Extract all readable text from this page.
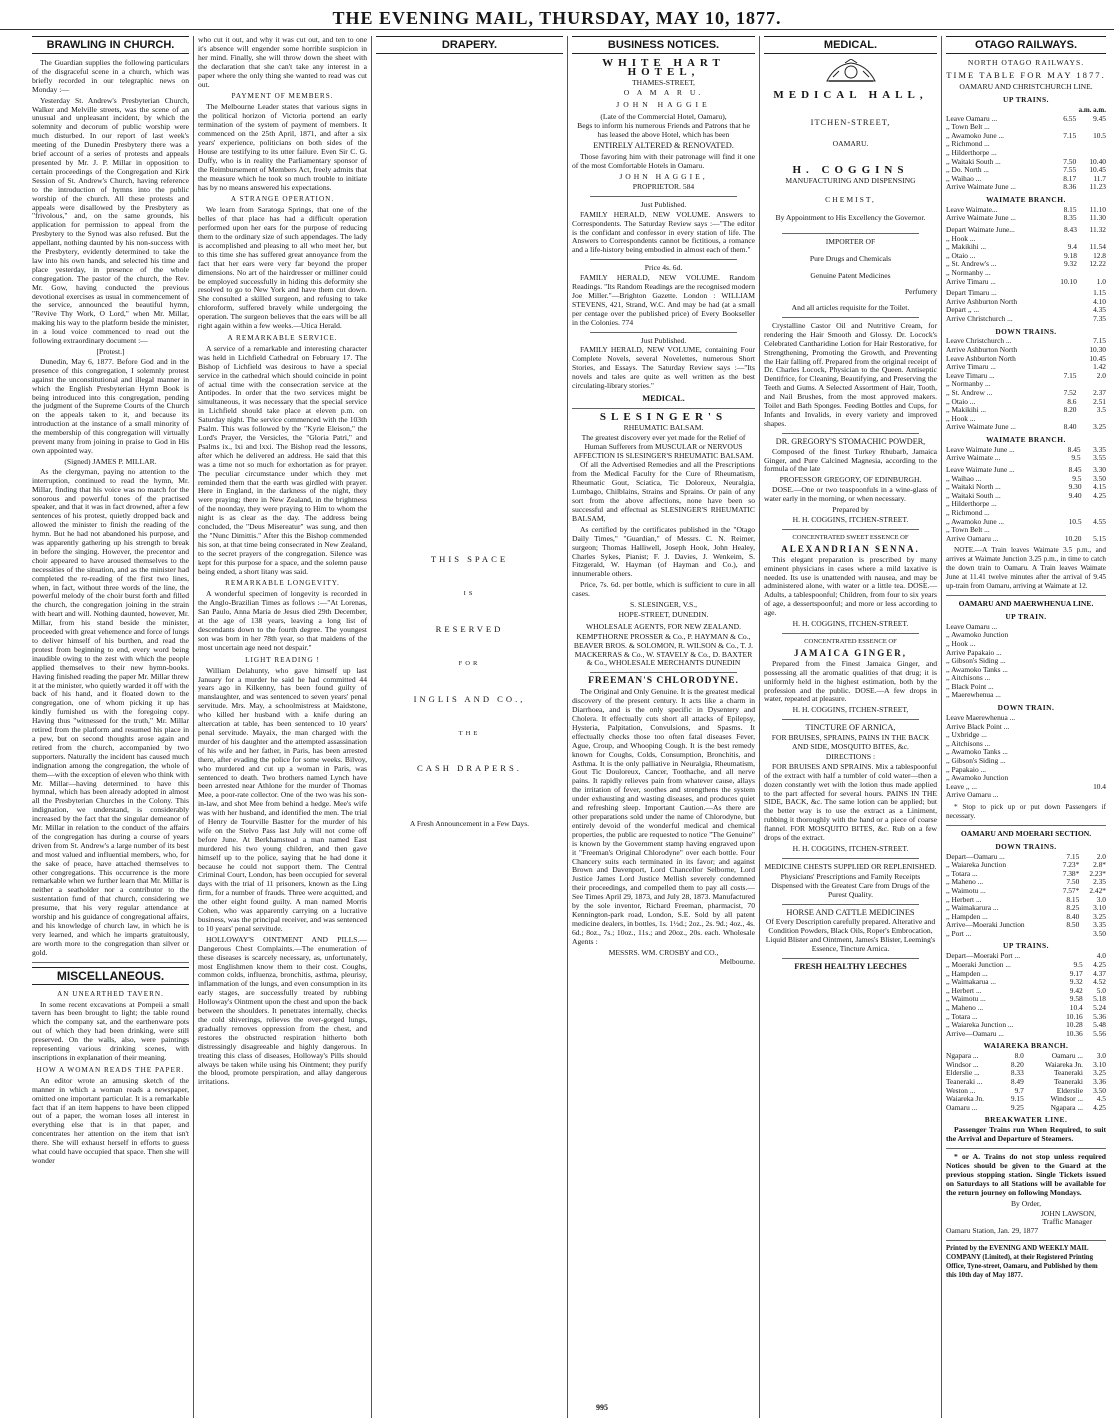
THE EVENING MAIL, THURSDAY, MAY 10, 1877.
BRAWLING IN CHURCH.

The Guardian supplies the following particulars of the disgraceful scene in a church, which was briefly recorded in our telegraphic news on Monday :—

Yesterday St. Andrew's Presbyterian Church, Walker and Melville streets, was the scene of an unusual and unpleasant incident, by which the solemnity and decorum of public worship were much disturbed. In our report of last week's meeting of the Dunedin Presbytery there was a brief account of a series of protests and appeals presented by Mr. J. P. Millar in opposition to certain proceedings of the Congregation and Kirk Session of St. Andrew's Church, having reference to the introduction of hymns into the public worship of the church. All these protests and appeals were disallowed by the Presbytery as "frivolous," and, on the same grounds, his application for permission to appeal from the Presbytery to the Synod was also refused. But the appellant, nothing daunted by his non-success with the Presbytery, evidently determined to take the law into his own hands, and selected his time and place yesterday, in presence of the whole congregation. The pastor of the church, the Rev. Mr. Gow, having conducted the previous devotional exercises as usual in commencement of the service, announced the beautiful hymn, "Revive Thy Work, O Lord," when Mr. Millar, making his way to the platform beside the minister, in a loud voice commenced to read out the following extraordinary document :—

[Protest.]

Dunedin, May 6, 1877. Before God and in the presence of this congregation, I solemnly protest against the unconstitutional and illegal manner in which the English Presbyterian Hymn Book is being introduced into this congregation, pending the judgment of the Supreme Courts of the Church on the appeals taken to it, and because its introduction at the instance of a small minority of the membership of this congregation will virtually prevent many from joining in praise to God in His own appointed way.

(Signed) JAMES P. MILLAR.

As the clergyman, paying no attention to the interruption, continued to read the hymn, Mr. Millar, finding that his voice was no match for the sonorous and powerful tones of the practised speaker, and that it was in fact drowned, after a few sentences of his protest, quietly dropped back and allowed the minister to finish the reading of the hymn. But he had not abandoned his purpose, and was apparently gathering up his strength to break in before the singing. However, the precentor and choir appeared to have aroused themselves to the necessities of the situation, and as the minister had completed the re-reading of the first two lines, when, in fact, without three words of the line, the powerful melody of the choir burst forth and filled the church, the congregation joining in the strain with heart and will. Nothing daunted, however, Mr. Millar, from his stand beside the minister, proceeded with great vehemence and force of lungs to deliver himself of his burthen, and read the protest from beginning to end, every word being inaudible owing to the zest with which the people applied themselves to their new hymn-books. Having finished reading the paper Mr. Millar threw it at the minister, who quietly warded it off with the back of his hand, and it floated down to the congregation, one of whom picking it up has kindly furnished us with the foregoing copy. Having thus "witnessed for the truth," Mr. Millar retired from the platform and resumed his place in a pew, but on second thoughts arose again and retired from the church, accompanied by two supporters. Naturally the incident has caused much indignation among the congregation, the whole of them—with the exception of eleven who think with Mr. Millar—having determined to have this hymnal, which has been already adopted in almost all the Presbyterian Churches in the Colony. This indignation, we understand, is considerably increased by the fact that the singular demeanor of Mr. Millar in relation to the conduct of the affairs of the congregation has during a course of years driven from St. Andrew's a large number of its best and most valued and influential members, who, for the sake of peace, have attached themselves to other congregations. This occurrence is the more remarkable when we further learn that Mr. Millar is neither a seatholder nor a contributor to the sustentation fund of that church, considering we presume, that his very regular attendance at worship and his guidance of congregational affairs, and his knowledge of church law, in which he is very learned, and which he imparts gratuitously, are worth more to the congregation than silver or gold.

MISCELLANEOUS.
AN UNEARTHED TAVERN.

In some recent excavations at Pompeii a small tavern has been brought to light; the table round which the company sat, and the earthenware pots out of which they had been drinking, were still preserved. On the walls, also, were paintings representing various drinking scenes, with inscriptions in explanation of their meaning.

HOW A WOMAN READS THE PAPER.

An editor wrote an amusing sketch of the manner in which a woman reads a newspaper, omitted one important particular. It is a remarkable fact that if an item happens to have been clipped out of a paper, the woman loses all interest in everything else that is in that paper, and concentrates her attention on the item that isn't there. She will exhaust herself in efforts to guess what could have occupied that space. Then she will wonder

who cut it out, and why it was cut out, and ten to one it's absence will engender some horrible suspicion in her mind. Finally, she will throw down the sheet with the declaration that she can't take any interest in a paper where the only thing she wanted to read was cut out.

PAYMENT OF MEMBERS.

The Melbourne Leader states that various signs in the political horizon of Victoria portend an early termination of the system of payment of members. It commenced on the 25th April, 1871, and after a six years' experience, politicians on both sides of the House are testifying to its utter failure. Even Sir C. G. Duffy, who is in reality the Parliamentary sponsor of the Reimbursement of Members Act, freely admits that the measure which he took so much trouble to initiate has by no means answered his expectations.

A STRANGE OPERATION.

We learn from Saratoga Springs, that one of the belles of that place has had a difficult operation performed upon her ears for the purpose of reducing them to the ordinary size of such appendages. The lady is accomplished and pleasing to all who meet her, but to this time she has suffered great annoyance from the fact that her ears were very far beyond the proper dimensions. No art of the hairdresser or milliner could be employed successfully in hiding this deformity she resolved to go to New York and have them cut down. She consulted a skilled surgeon, and refusing to take chloroform, suffered bravely while undergoing the operation. The surgeon believes that the ears will be all right again within a few weeks.—Utica Herald.

A REMARKABLE SERVICE.

A service of a remarkable and interesting character was held in Lichfield Cathedral on February 17. The Bishop of Lichfield was desirous to have a special service in the cathedral which should coincide in point of actual time with the consecration service at the Antipodes. In order that the two services might be simultaneous, it was necessary that the special service in Lichfield should take place at eleven p.m. on Saturday night. The service commenced with the 103th Psalm. This was followed by the "Kyrie Eleison," the Lord's Prayer, the Versicles, the "Gloria Patri," and Psalms ix., lxi and lxxi. The Bishop read the lessons, after which he delivered an address. He said that this was a time not so much for exhortation as for prayer. The peculiar circumstance under which they met reminded them that the earth was girdled with prayer. Here in England, in the darkness of the night, they were praying; there in New Zealand, in the brightness of the noonday, they were praying to Him to whom the night is as clear as the day. The address being concluded, the "Deus Misereatur" was sung, and then the "Nunc Dimittis." After this the Bishop commended his son, at that time being consecrated in New Zealand, to the secret prayers of the congregation. Silence was kept for this purpose for a space, and the solemn pause being ended, a short litany was said.

REMARKABLE LONGEVITY.

A wonderful specimen of longevity is recorded in the Anglo-Brazilian Times as follows :—"At Lorenas, San Paulo, Anna Maria de Jesus died 29th December, at the age of 138 years, leaving a long list of descendants down to the fourth degree. The youngest son was born in her 78th year, so that maidens of the most uncertain age need not despair."

LIGHT READING !

William Delahunty, who gave himself up last January for a murder he said he had committed 44 years ago in Kilkenny, has been found guilty of manslaughter, and was sentenced to seven years' penal servitude. Mrs. May, a schoolmistress at Maidstone, who killed her husband with a knife during an altercation at table, has been sentenced to 10 years' penal servitude. Mayaix, the man charged with the murder of his daughter and the attempted assassination of his wife and her father, in Paris, has been arrested there, after evading the police for some weeks. Bilvoy, who murdered and cut up a woman in Paris, was sentenced to death. Two brothers named Lynch have been arrested near Athlone for the murder of Thomas Mee, a poor-rate collector. One of the two was his son-in-law, and shot Mee from behind a hedge. Mee's wife was with her husband, and identified the men. The trial of Henry de Tourville Bastter for the murder of his wife on the Stelvo Pass last July will not come off before June. At Berkhamstead a man named East murdered his two young children, and then gave himself up to the police, saying that he had done it because he could not support them. The Central Criminal Court, London, has been occupied for several days with the trial of 11 prisoners, known as the Ling firm, for a number of frauds. Three were acquitted, and the other eight found guilty. A man named Morris Cohen, who was apparently carrying on a lucrative business, was the principal receiver, and was sentenced to 10 years' penal servitude.

HOLLOWAY'S OINTMENT AND PILLS.—Dangerous Chest Complaints.—The enumeration of these diseases is scarcely necessary, as, unfortunately, most Englishmen know them to their cost. Coughs, common colds, influenza, bronchitis, asthma, pleurisy, inflammation of the lungs, and even consumption in its early stages, are successfully treated by rubbing Holloway's Ointment upon the chest and upon the back between the shoulders. It penetrates internally, checks the cold shiverings, relieves the over-gorged lungs, gradually removes oppression from the chest, and restores the obstructed respiration hitherto both distressingly disagreeable and highly dangerous. In treating this class of diseases, Holloway's Pills should always be taken while using his Ointment; they purify the blood, promote perspiration, and allay dangerous irritations.

DRAPERY.
THIS SPACE
IS
RESERVED
FOR
INGLIS AND CO.,
THE
CASH DRAPERS.

A Fresh Announcement in a Few Days.

BUSINESS NOTICES.
WHITE HART HOTEL,

THAMES-STREET,

O A M A R U.

JOHN HAGGIE

(Late of the Commercial Hotel, Oamaru),

Begs to inform his numerous Friends and Patrons that he has leased the above Hotel, which has been

ENTIRELY ALTERED & RENOVATED.

Those favoring him with their patronage will find it one of the most Comfortable Hotels in Oamaru.

JOHN HAGGIE,

PROPRIETOR. 584

Just Published.

FAMILY HERALD, NEW VOLUME. Answers to Correspondents. The Saturday Review says :—"The editor is the confidant and confessor in every station of life. The Answers to Correspondents cannot be fictitious, a romance and a life-history being embodied in almost each of them."

Price 4s. 6d.

FAMILY HERALD, NEW VOLUME. Random Readings. "Its Random Readings are the recognised modern Joe Miller."—Brighton Gazette. London : WILLIAM STEVENS, 421, Strand, W.C. And may be had (at a small per centage over the published price) of Every Bookseller in the Colonies. 774

Just Published.

FAMILY HERALD, NEW VOLUME, containing Four Complete Novels, several Novelettes, numerous Short Stories, and Essays. The Saturday Review says :—"Its novels and tales are quite as well written as the best circulating-library stories."

MEDICAL.
SLESINGER'S

RHEUMATIC BALSAM.

The greatest discovery ever yet made for the Relief of Human Sufferers from MUSCULAR or NERVOUS AFFECTION IS SLESINGER'S RHEUMATIC BALSAM.

Of all the Advertised Remedies and all the Prescriptions from the Medical Faculty for the Cure of Rheumatism, Rheumatic Gout, Sciatica, Tic Doloreux, Neuralgia, Lumbago, Chilblains, Strains and Sprains. Or pain of any sort from the above affections, none have been so successful and effectual as SLESINGER'S RHEUMATIC BALSAM,

As certified by the certificates published in the "Otago Daily Times," "Guardian," of Messrs. C. N. Reimer, surgeon; Thomas Halliwell, Joseph Hook, John Healey, Charles Sykes, Pianist; F. J. Davies, J. Wenkeim, S. Fitzgerald, W. Hayman (of Hayman and Co.), and innumerable others.

Price, 7s. 6d. per bottle, which is sufficient to cure in all cases.

S. SLESINGER, V.S.,

HOPE-STREET, DUNEDIN.

WHOLESALE AGENTS, FOR NEW ZEALAND.

KEMPTHORNE PROSSER & Co., P. HAYMAN & Co., BEAVER BROS. & SOLOMON, R. WILSON & Co., T. J. MACKERRAS & Co., W. STAVELY & Co., D. BAXTER & Co., WHOLESALE MERCHANTS DUNEDIN

FREEMAN'S CHLORODYNE.

The Original and Only Genuine. It is the greatest medical discovery of the present century. It acts like a charm in Diarrhoea, and is the only specific in Dysentery and Cholera. It effectually cuts short all attacks of Epilepsy, Hysteria, Palpitation, Convulsions, and Spasms. It effectually checks those too often fatal diseases Fever, Ague, Croup, and Whooping Cough. It is the best remedy known for Coughs, Colds, Consumption, Bronchitis, and Asthma. It is the only palliative in Neuralgia, Rheumatism, Gout Tic Douloreux, Cancer, Toothache, and all nerve pains. It rapidly relieves pain from whatever cause, allays the irritation of fever, soothes and strengthens the system under exhausting and wasting diseases, and produces quiet and refreshing sleep. Important Caution.—As there are other preparations sold under the name of Chlorodyne, but entirely devoid of the wonderful medical and chemical properties, the public are requested to notice "The Genuine" is known by the Government stamp having engraved upon it "Freeman's Original Chlorodyne" over each bottle. Four Chancery suits each terminated in its favor; and against Brown and Davenport, Lord Chancellor Selborne, Lord Justice James Lord Justice Mellish severely condemned their proceedings, and compelled them to pay all costs.—See Times April 29, 1873, and July 28, 1873. Manufactured by the sole inventor, Richard Freeman, pharmacist, 70 Kennington-park road, London, S.E. Sold by all patent medicine dealers, in bottles, 1s. 1½d.; 2oz., 2s. 9d.; 4oz., 4s. 6d.; 8oz., 7s.; 10oz., 11s.; and 20oz., 20s. each. Wholesale Agents :

MESSRS. WM. CROSBY and CO.,

Melbourne.

MEDICAL.
MEDICAL HALL,

ITCHEN-STREET,

OAMARU.

H. COGGINS

MANUFACTURING AND DISPENSING

CHEMIST,

By Appointment to His Excellency the Governor.

IMPORTER OF

Pure Drugs and Chemicals

Genuine Patent Medicines

Perfumery

And all articles requisite for the Toilet.

Crystalline Castor Oil and Nutritive Cream, for rendering the Hair Smooth and Glossy. Dr. Locock's Celebrated Cantharidine Lotion for Hair Restorative, for Strengthening, Promoting the Growth, and Preventing the Hair falling off. Prepared from the original receipt of Dr. Charles Locock, Physician to the Queen. Antiseptic Dentifrice, for Cleaning, Beautifying, and Preserving the Teeth and Gums. A Selected Assortment of Hair, Tooth, and Nail Brushes, from the most approved makers. Toilet and Bath Sponges. Feeding Bottles and Cups, for Infants and Invalids, in every variety and improved shapes.

DR. GREGORY'S STOMACHIC POWDER,

Composed of the finest Turkey Rhubarb, Jamaica Ginger, and Pure Calcined Magnesia, according to the formula of the late

PROFESSOR GREGORY, OF EDINBURGH.

DOSE.—One or two teaspoonfuls in a wine-glass of water early in the morning, or when necessary.

Prepared by

H. H. COGGINS, ITCHEN-STREET.

CONCENTRATED SWEET ESSENCE OF

ALEXANDRIAN SENNA.

This elegant preparation is prescribed by many eminent physicians in cases where a mild laxative is needed. Its use is unattended with nausea, and may be administered alone, with water or a little tea. DOSE.—Adults, a tablespoonful; Children, from four to six years of age, a dessertspoonful; and more or less according to age.

H. H. COGGINS, ITCHEN-STREET.

CONCENTRATED ESSENCE OF

JAMAICA GINGER,

Prepared from the Finest Jamaica Ginger, and possessing all the aromatic qualities of that drug; it is uniformly held in the highest estimation, both by the profession and the public. DOSE.—A few drops in water, repeated at pleasure.

H. H. COGGINS, ITCHEN-STREET,

TINCTURE OF ARNICA,

FOR BRUISES, SPRAINS, PAINS IN THE BACK AND SIDE, MOSQUITO BITES, &c.

DIRECTIONS :

FOR BRUISES AND SPRAINS. Mix a tablespoonful of the extract with half a tumbler of cold water—then a dozen constantly wet with the lotion thus made applied to the part affected for several hours. PAINS IN THE SIDE, BACK, &c. The same lotion can be applied; but the better way is to use the extract as a Liniment, rubbing it thoroughly with the hand or a piece of coarse flannel. FOR MOSQUITO BITES, &c. Rub on a few drops of the extract.

H. H. COGGINS, ITCHEN-STREET.

MEDICINE CHESTS SUPPLIED OR REPLENISHED.

Physicians' Prescriptions and Family Receipts Dispensed with the Greatest Care from Drugs of the Purest Quality.

HORSE AND CATTLE MEDICINES

Of Every Description carefully prepared. Alterative and Condition Powders, Black Oils, Roper's Embrocation, Liquid Blister and Ointment, James's Blister, Leeming's Essence, Tincture Arnica.

FRESH HEALTHY LEECHES

OTAGO RAILWAYS.

NORTH OTAGO RAILWAYS.

TIME TABLE FOR MAY 1877.

OAMARU AND CHRISTCHURCH LINE.

UP TRAINS.
a.m. a.m.
Leave Oamaru ...	6.55	9.45
,, Town Belt ...		
,, Awamoko June ...	7.15	10.5
,, Richmond ...		
,, Hilderthorpe ...		
,, Waitaki South ...	7.50	10.40
,, Do. North ...	7.55	10.45
,, Waihao ...	8.17	11.7
Arrive Waimate June ...	8.36	11.23
WAIMATE BRANCH.
Leave Waimate...	8.15	11.10
Arrive Waimate June ...	8.35	11.30
Depart Waimate June...	8.43	11.32
,, Hook ...		
,, Makikihi ...	9.4	11.54
,, Otaio ...	9.18	12.8
,, St. Andrew's ...	9.32	12.22
,, Normanby ...		
Arrive Timaru ...	10.10	1.0
Depart Timaru ...		1.15
Arrive Ashburton North		4.10
Depart ,, ...		4.35
Arrive Christchurch ...		7.35
DOWN TRAINS.
Leave Christchurch ...		7.15
Arrive Ashburton North		10.30
Leave Ashburton North		10.45
Arrive Timaru ...		1.42
Leave Timaru ...	7.15	2.0
,, Normanby ...		
,, St. Andrew ...	7.52	2.37
,, Otaio ...	8.6	2.51
,, Makikihi ...	8.20	3.5
,, Hook ...		
Arrive Waimate June ...	8.40	3.25
WAIMATE BRANCH.
Leave Waimate June ...	8.45	3.35
Arrive Waimate ...	9.5	3.55
Leave Waimate June ...	8.45	3.30
,, Waihao ...	9.5	3.50
,, Waitaki North ...	9.30	4.15
,, Waitaki South ...	9.40	4.25
,, Hilderthorpe ...		
,, Richmond ...		
,, Awamoko June ...	10.5	4.55
,, Town Belt ...		
Arrive Oamaru ...	10.20	5.15

NOTE.—A Train leaves Waimate 3.5 p.m., and arrives at Waimate Junction 3.25 p.m., in time to catch the down train to Oamaru. A Train leaves Waimate June at 11.41 twelve minutes after the arrival of 9.45 up-train from Oamaru, arriving at Waimate at 12.

OAMARU AND MAERWHENUA LINE.

UP TRAIN.
Leave Oamaru ...	
,, Awamoko Junction	
,, Hook ...	
Arrive Papakaio ...	
,, Gibson's Siding ...	
,, Awamoko Tanks ...	
,, Aitchisons ...	
,, Black Point ...	
,, Maerewhenua ...	
DOWN TRAIN.
Leave Maerewhenua ...	
Arrive Black Point ...	
,, Uxbridge ...	
,, Aitchisons ...	
,, Awamoko Tanks ...	
,, Gibson's Siding ...	
,, Papakaio ...	
,, Awamoko Junction	
Leave ,, ...	10.4
Arrive Oamaru ...	

* Stop to pick up or put down Passengers if necessary.

OAMARU AND MOERARI SECTION.

DOWN TRAINS.
Depart—Oamaru ...	7.15	2.0
,, Waiareka Junction	7.23*	2.8*
,, Totara ...	7.38*	2.23*
,, Maheno ...	7.50	2.35
,, Waimotu ...	7.57*	2.42*
,, Herbert ...	8.15	3.0
,, Waimakarura ...	8.25	3.10
,, Hampden ...	8.40	3.25
Arrive—Moeraki Junction	8.50	3.35
,, Port ...		3.50
UP TRAINS.
Depart—Moeraki Port ...		4.0
,, Moeraki Junction ...	9.5	4.25
,, Hampden ...	9.17	4.37
,, Waimakarua ...	9.32	4.52
,, Herbert ...	9.42	5.0
,, Waimotu ...	9.58	5.18
,, Maheno ...	10.4	5.24
,, Totara ...	10.16	5.36
,, Waiareka Junction ...	10.28	5.48
Arrive—Oamaru ...	10.36	5.56
WAIAREKA BRANCH.
Ngapara ...	8.0	Oamaru ...	3.0
Windsor ...	8.20	Waiareka Jn.	3.10
Elderslie ...	8.33	Teaneraki	3.25
Teaneraki ...	8.49	Teaneraki	3.36
Weston ...	9.7	Elderslie	3.50
Waiareka Jn.	9.15	Windsor ...	4.5
Oamaru ...	9.25	Ngapara ...	4.25
BREAKWATER LINE.

Passenger Trains run When Required, to suit the Arrival and Departure of Steamers.

* or A. Trains do not stop unless required Notices should be given to the Guard at the previous stopping station. Single Tickets issued on Saturdays to all Stations will be available for the return journey on following Mondays.

By Order,

JOHN LAWSON,

Traffic Manager

Oamaru Station, Jan. 29, 1877

Printed by the EVENING AND WEEKLY MAIL COMPANY (Limited), at their Registered Printing Office, Tyne-street, Oamaru, and Published by them this 10th day of May 1877.

995
